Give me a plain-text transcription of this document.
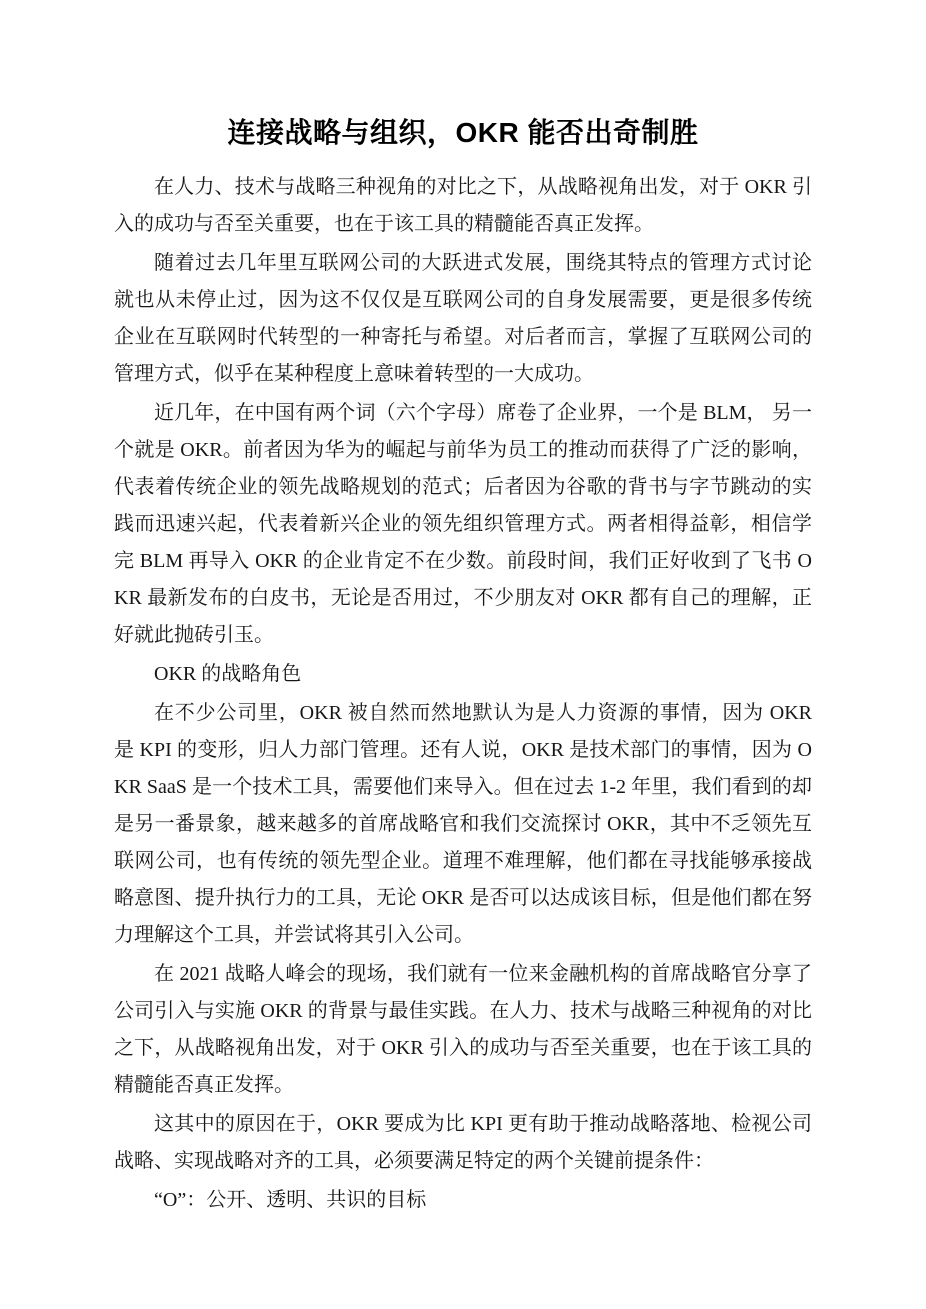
连接战略与组织，OKR 能否出奇制胜

在人力、技术与战略三种视角的对比之下，从战略视角出发，对于 OKR 引入的成功与否至关重要，也在于该工具的精髓能否真正发挥。

随着过去几年里互联网公司的大跃进式发展，围绕其特点的管理方式讨论就也从未停止过，因为这不仅仅是互联网公司的自身发展需要，更是很多传统企业在互联网时代转型的一种寄托与希望。对后者而言，掌握了互联网公司的管理方式，似乎在某种程度上意味着转型的一大成功。

近几年，在中国有两个词（六个字母）席卷了企业界，一个是 BLM， 另一个就是 OKR。前者因为华为的崛起与前华为员工的推动而获得了广泛的影响，代表着传统企业的领先战略规划的范式；后者因为谷歌的背书与字节跳动的实践而迅速兴起，代表着新兴企业的领先组织管理方式。两者相得益彰，相信学完 BLM 再导入 OKR 的企业肯定不在少数。前段时间，我们正好收到了飞书 OKR 最新发布的白皮书，无论是否用过，不少朋友对 OKR 都有自己的理解，正好就此抛砖引玉。

OKR 的战略角色

在不少公司里，OKR 被自然而然地默认为是人力资源的事情，因为 OKR 是 KPI 的变形，归人力部门管理。还有人说，OKR 是技术部门的事情，因为 OKR SaaS 是一个技术工具，需要他们来导入。但在过去 1-2 年里，我们看到的却是另一番景象，越来越多的首席战略官和我们交流探讨 OKR，其中不乏领先互联网公司，也有传统的领先型企业。道理不难理解，他们都在寻找能够承接战略意图、提升执行力的工具，无论 OKR 是否可以达成该目标，但是他们都在努力理解这个工具，并尝试将其引入公司。

在 2021 战略人峰会的现场，我们就有一位来金融机构的首席战略官分享了公司引入与实施 OKR 的背景与最佳实践。在人力、技术与战略三种视角的对比之下，从战略视角出发，对于 OKR 引入的成功与否至关重要，也在于该工具的精髓能否真正发挥。

这其中的原因在于，OKR 要成为比 KPI 更有助于推动战略落地、检视公司战略、实现战略对齐的工具，必须要满足特定的两个关键前提条件：

“O”：公开、透明、共识的目标
